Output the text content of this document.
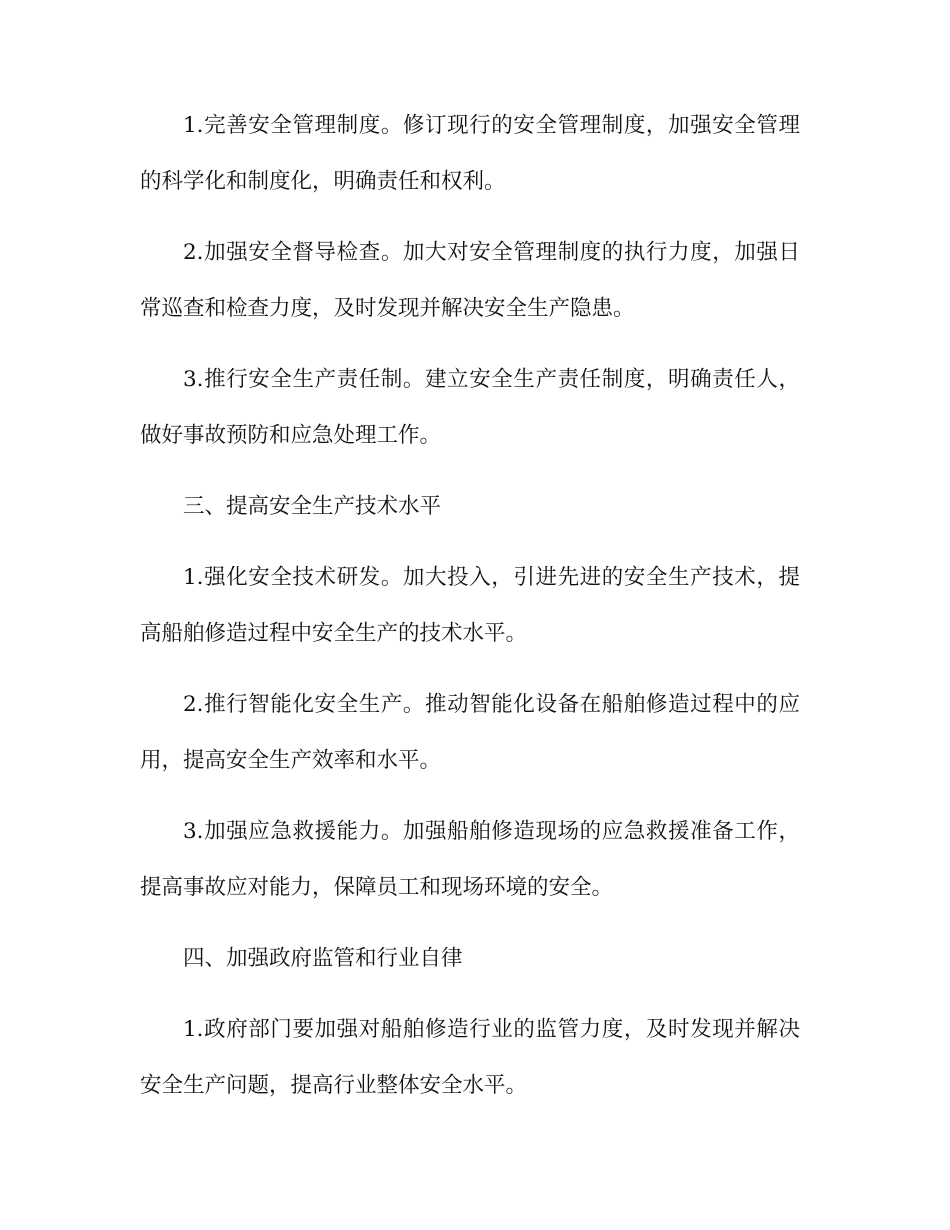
1.完善安全管理制度。修订现行的安全管理制度，加强安全管理的科学化和制度化，明确责任和权利。

2.加强安全督导检查。加大对安全管理制度的执行力度，加强日常巡查和检查力度，及时发现并解决安全生产隐患。

3.推行安全生产责任制。建立安全生产责任制度，明确责任人，做好事故预防和应急处理工作。

三、提高安全生产技术水平

1.强化安全技术研发。加大投入，引进先进的安全生产技术，提高船舶修造过程中安全生产的技术水平。

2.推行智能化安全生产。推动智能化设备在船舶修造过程中的应用，提高安全生产效率和水平。

3.加强应急救援能力。加强船舶修造现场的应急救援准备工作，提高事故应对能力，保障员工和现场环境的安全。

四、加强政府监管和行业自律

1.政府部门要加强对船舶修造行业的监管力度，及时发现并解决安全生产问题，提高行业整体安全水平。
